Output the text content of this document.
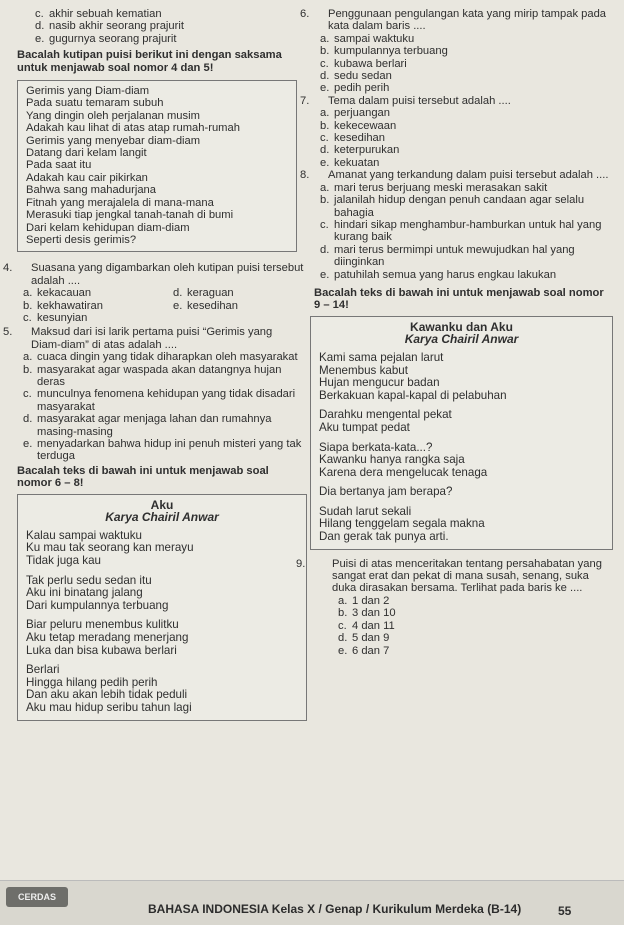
c. akhir sebuah kematian
d. nasib akhir seorang prajurit
e. gugurnya seorang prajurit
Bacalah kutipan puisi berikut ini dengan saksama untuk menjawab soal nomor 4 dan 5!
Gerimis yang Diam-diam
Pada suatu temaram subuh
Yang dingin oleh perjalanan musim
Adakah kau lihat di atas atap rumah-rumah
Gerimis yang menyebar diam-diam
Datang dari kelam langit
Pada saat itu
Adakah kau cair pikirkan
Bahwa sang mahadurjana
Fitnah yang merajalela di mana-mana
Merasuki tiap jengkal tanah-tanah di bumi
Dari kelam kehidupan diam-diam
Seperti desis gerimis?
4. Suasana yang digambarkan oleh kutipan puisi tersebut adalah ....
a. kekacauan
b. kekhawatiran
c. kesunyian
d. keraguan
e. kesedihan
5. Maksud dari isi larik pertama puisi “Gerimis yang Diam-diam” di atas adalah ....
a. cuaca dingin yang tidak diharapkan oleh masyarakat
b. masyarakat agar waspada akan datangnya hujan deras
c. munculnya fenomena kehidupan yang tidak disadari masyarakat
d. masyarakat agar menjaga lahan dan rumahnya masing-masing
e. menyadarkan bahwa hidup ini penuh misteri yang tak terduga
Bacalah teks di bawah ini untuk menjawab soal nomor 6 – 8!
Aku
Karya Chairil Anwar
Kalau sampai waktuku
Ku mau tak seorang kan merayu
Tidak juga kau
Tak perlu sedu sedan itu
Aku ini binatang jalang
Dari kumpulannya terbuang
Biar peluru menembus kulitku
Aku tetap meradang menerjang
Luka dan bisa kubawa berlari
Berlari
Hingga hilang pedih perih
Dan aku akan lebih tidak peduli
Aku mau hidup seribu tahun lagi
6. Penggunaan pengulangan kata yang mirip tampak pada kata dalam baris ....
a. sampai waktuku
b. kumpulannya terbuang
c. kubawa berlari
d. sedu sedan
e. pedih perih
7. Tema dalam puisi tersebut adalah ....
a. perjuangan
b. kekecewaan
c. kesedihan
d. keterpurukan
e. kekuatan
8. Amanat yang terkandung dalam puisi tersebut adalah ....
a. mari terus berjuang meski merasakan sakit
b. jalanilah hidup dengan penuh candaan agar selalu bahagia
c. hindari sikap menghambur-hamburkan untuk hal yang kurang baik
d. mari terus bermimpi untuk mewujudkan hal yang diinginkan
e. patuhilah semua yang harus engkau lakukan
Bacalah teks di bawah ini untuk menjawab soal nomor 9 – 14!
Kawanku dan Aku
Karya Chairil Anwar
Kami sama pejalan larut
Menembus kabut
Hujan mengucur badan
Berkakuan kapal-kapal di pelabuhan
Darahku mengental pekat
Aku tumpat pedat
Siapa berkata-kata...?
Kawanku hanya rangka saja
Karena dera mengelucak tenaga
Dia bertanya jam berapa?
Sudah larut sekali
Hilang tenggelam segala makna
Dan gerak tak punya arti.
9. Puisi di atas menceritakan tentang persahabatan yang sangat erat dan pekat di mana susah, senang, suka duka dirasakan bersama. Terlihat pada baris ke ....
a. 1 dan 2
b. 3 dan 10
c. 4 dan 11
d. 5 dan 9
e. 6 dan 7
CERDAS
BAHASA INDONESIA Kelas X / Genap / Kurikulum Merdeka (B-14)	55
